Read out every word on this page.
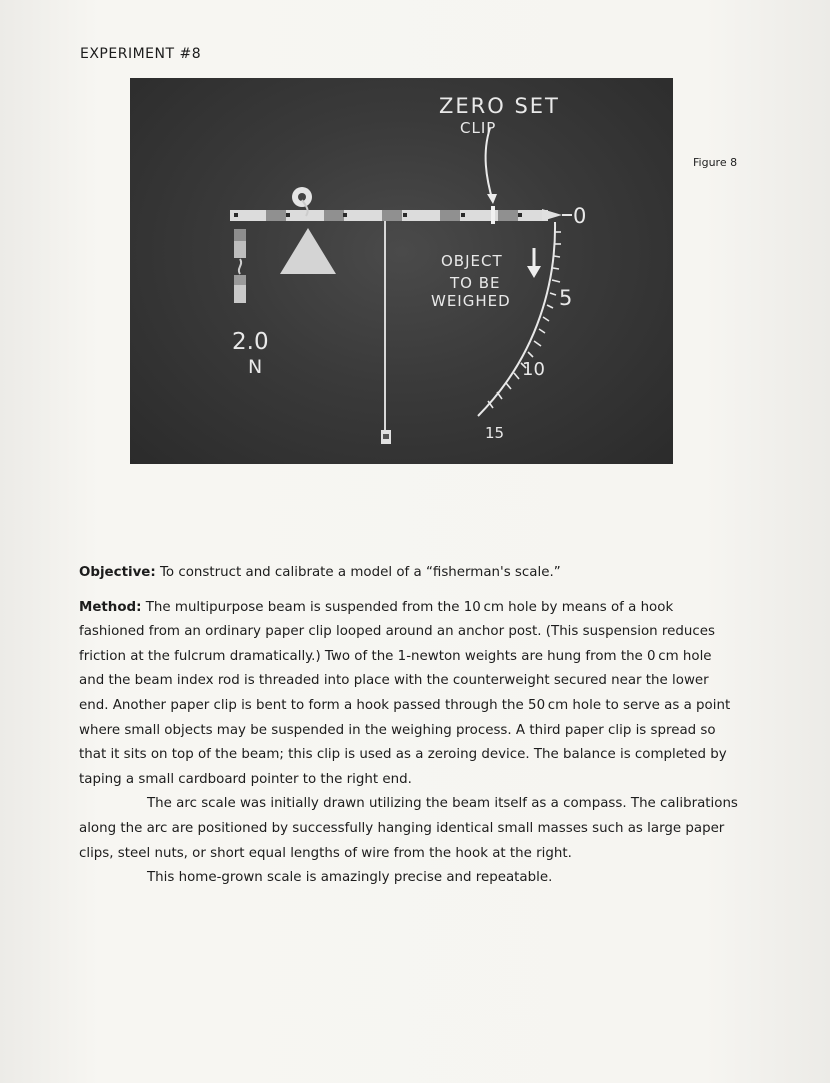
EXPERIMENT #8
ZERO SET
CLIP
OBJECT
TO BE
WEIGHED
2.0
N
0
5
10
15
Figure 8

Objective: To construct and calibrate a model of a “fisherman's scale.”

Method: The multipurpose beam is suspended from the 10 cm hole by means of a hook fashioned from an ordinary paper clip looped around an anchor post. (This suspension reduces friction at the fulcrum dramatically.) Two of the 1-newton weights are hung from the 0 cm hole and the beam index rod is threaded into place with the counterweight secured near the lower end. Another paper clip is bent to form a hook passed through the 50 cm hole to serve as a point where small objects may be suspended in the weighing process. A third paper clip is spread so that it sits on top of the beam; this clip is used as a zeroing device. The balance is completed by taping a small cardboard pointer to the right end.

The arc scale was initially drawn utilizing the beam itself as a compass. The calibrations along the arc are positioned by successfully hanging identical small masses such as large paper clips, steel nuts, or short equal lengths of wire from the hook at the right.

This home-grown scale is amazingly precise and repeatable.
